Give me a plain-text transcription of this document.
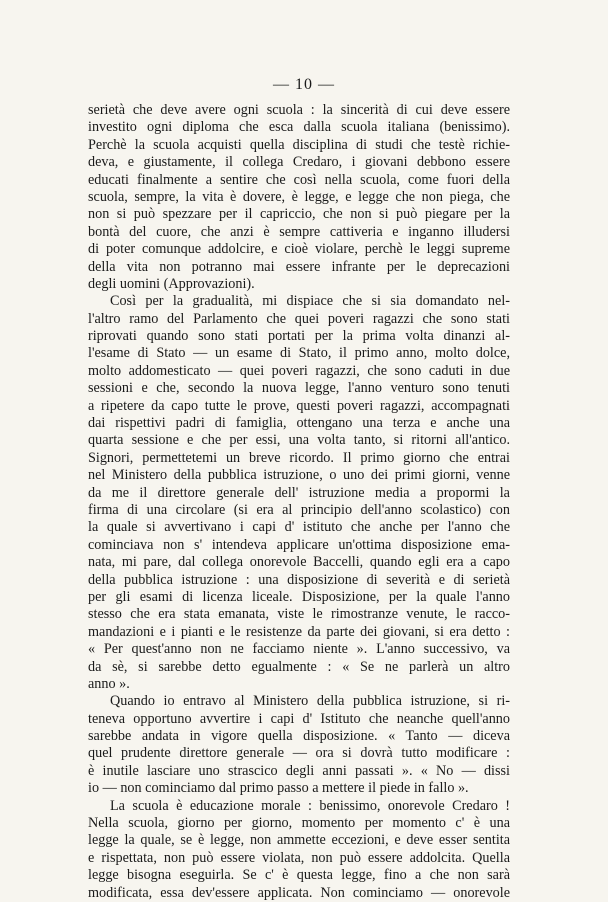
— 10 —
serietà che deve avere ogni scuola : la sincerità di cui deve essere
investito ogni diploma che esca dalla scuola italiana (benissimo).
Perchè la scuola acquisti quella disciplina di studi che testè richie-
deva, e giustamente, il collega Credaro, i giovani debbono essere
educati finalmente a sentire che così nella scuola, come fuori della
scuola, sempre, la vita è dovere, è legge, e legge che non piega, che
non si può spezzare per il capriccio, che non si può piegare per la
bontà del cuore, che anzi è sempre cattiveria e inganno illudersi
di poter comunque addolcire, e cioè violare, perchè le leggi supreme
della vita non potranno mai essere infrante per le deprecazioni
degli uomini (Approvazioni).
Così per la gradualità, mi dispiace che si sia domandato nel-
l'altro ramo del Parlamento che quei poveri ragazzi che sono stati
riprovati quando sono stati portati per la prima volta dinanzi al-
l'esame di Stato — un esame di Stato, il primo anno, molto dolce,
molto addomesticato — quei poveri ragazzi, che sono caduti in due
sessioni e che, secondo la nuova legge, l'anno venturo sono tenuti
a ripetere da capo tutte le prove, questi poveri ragazzi, accompagnati
dai rispettivi padri di famiglia, ottengano una terza e anche una
quarta sessione e che per essi, una volta tanto, si ritorni all'antico.
Signori, permettetemi un breve ricordo. Il primo giorno che entrai
nel Ministero della pubblica istruzione, o uno dei primi giorni, venne
da me il direttore generale dell' istruzione media a propormi la
firma di una circolare (si era al principio dell'anno scolastico) con
la quale si avvertivano i capi d' istituto che anche per l'anno che
cominciava non s' intendeva applicare un'ottima disposizione ema-
nata, mi pare, dal collega onorevole Baccelli, quando egli era a capo
della pubblica istruzione : una disposizione di severità e di serietà
per gli esami di licenza liceale. Disposizione, per la quale l'anno
stesso che era stata emanata, viste le rimostranze venute, le racco-
mandazioni e i pianti e le resistenze da parte dei giovani, si era detto :
« Per quest'anno non ne facciamo niente ». L'anno successivo, va
da sè, si sarebbe detto egualmente : « Se ne parlerà un altro
anno ».
Quando io entravo al Ministero della pubblica istruzione, si ri-
teneva opportuno avvertire i capi d' Istituto che neanche quell'anno
sarebbe andata in vigore quella disposizione. « Tanto — diceva
quel prudente direttore generale — ora si dovrà tutto modificare :
è inutile lasciare uno strascico degli anni passati ». « No — dissi
io — non cominciamo dal primo passo a mettere il piede in fallo ».
La scuola è educazione morale : benissimo, onorevole Credaro !
Nella scuola, giorno per giorno, momento per momento c' è una
legge la quale, se è legge, non ammette eccezioni, e deve esser sentita
e rispettata, non può essere violata, non può essere addolcita. Quella
legge bisogna eseguirla. Se c' è questa legge, fino a che non sarà
modificata, essa dev'essere applicata. Non cominciamo — onorevole
